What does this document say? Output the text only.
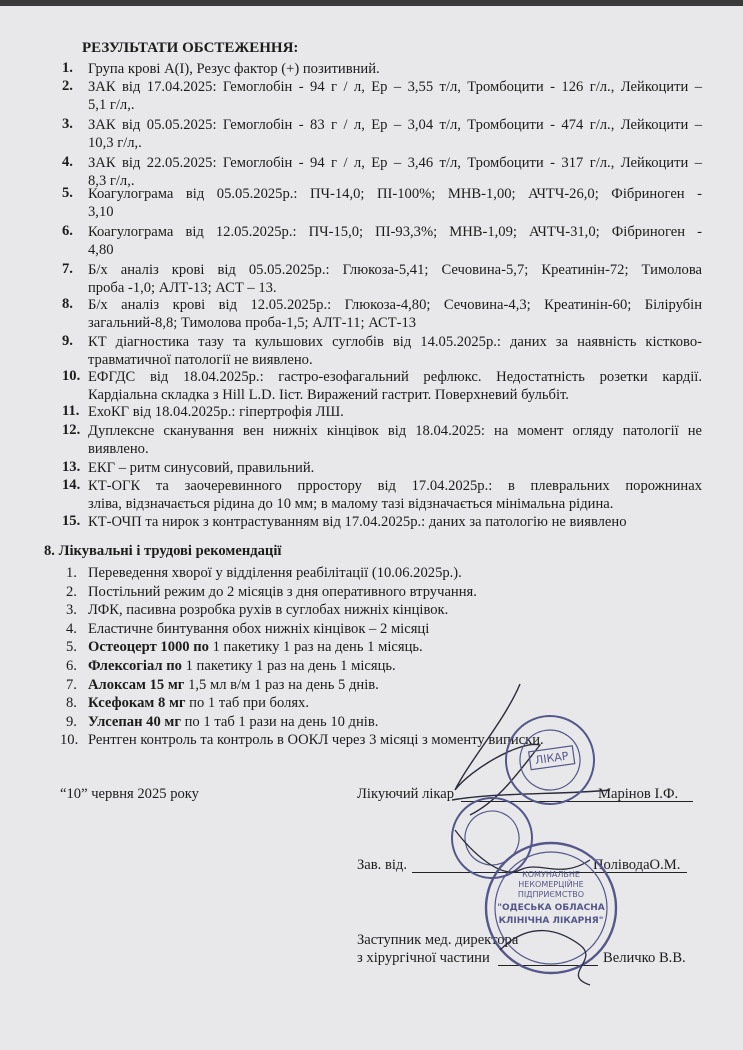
РЕЗУЛЬТАТИ ОБСТЕЖЕННЯ:
1. Група крові А(І), Резус фактор (+) позитивний.
2. ЗАК від 17.04.2025: Гемоглобін - 94 г / л, Ер – 3,55 т/л, Тромбоцити - 126 г/л., Лейкоцити –
5,1 г/л,.
3. ЗАК від 05.05.2025: Гемоглобін - 83 г / л, Ер – 3,04 т/л, Тромбоцити - 474 г/л., Лейкоцити –
10,3 г/л,.
4. ЗАК від 22.05.2025: Гемоглобін - 94 г / л, Ер – 3,46 т/л, Тромбоцити - 317 г/л., Лейкоцити –
8,3 г/л,.
5. Коагулограма від 05.05.2025р.: ПЧ-14,0; ПІ-100%; МНВ-1,00; АЧТЧ-26,0; Фібриноген -
3,10
6. Коагулограма від 12.05.2025р.: ПЧ-15,0; ПІ-93,3%; МНВ-1,09; АЧТЧ-31,0; Фібриноген -
4,80
7. Б/х аналіз крові від 05.05.2025р.: Глюкоза-5,41; Сечовина-5,7; Креатинін-72; Тимолова
проба -1,0; АЛТ-13; АСТ – 13.
8. Б/х аналіз крові від 12.05.2025р.: Глюкоза-4,80; Сечовина-4,3; Креатинін-60; Білірубін
загальний-8,8; Тимолова проба-1,5; АЛТ-11; АСТ-13
9. КТ діагностика тазу та кульшових суглобів від 14.05.2025р.: даних за наявність кістково-
травматичної патології не виявлено.
10. ЕФГДС від 18.04.2025р.: гастро-езофагальний рефлюкс. Недостатність розетки кардії.
Кардіальна складка з Hill L.D. Ііст. Виражений гастрит. Поверхневий бульбіт.
11. ЕхоКГ від 18.04.2025р.: гіпертрофія ЛШ.
12. Дуплексне сканування вен нижніх кінцівок від 18.04.2025: на момент огляду патології не
виявлено.
13. ЕКГ – ритм синусовий, правильний.
14. КТ-ОГК та заочеревинного прростору від 17.04.2025р.: в плевральних порожнинах
зліва, відзначається рідина до 10 мм; в малому тазі відзначається мінімальна рідина.
15. КТ-ОЧП та нирок з контрастуванням від 17.04.2025р.: даних за патологію не виявлено
8. Лікувальні і трудові рекомендації
1. Переведення хворої у відділення реабілітації (10.06.2025р.).
2. Постільний режим до 2 місяців з дня оперативного втручання.
3. ЛФК, пасивна розробка рухів в суглобах нижніх кінцівок.
4. Еластичне бинтування обох нижніх кінцівок – 2 місяці
5. Остеоцерт 1000 по 1 пакетику 1 раз на день 1 місяць.
6. Флексогіал по 1 пакетику 1 раз на день 1 місяць.
7. Алоксам 15 мг 1,5 мл в/м 1 раз на день 5 днів.
8. Ксефокам 8 мг по 1 таб при болях.
9. Улсепан 40 мг по 1 таб 1 рази на день 10 днів.
10. Рентген контроль та контроль в ООКЛ через 3 місяці з моменту виписки.
“10” червня 2025 року	Лікуючий лікар	Марінов І.Ф.
Зав. від.	ПоліводаО.М.
Заступник мед. директора
з хірургічної частини	Величко В.В.
ЛІКАР
КОМУНАЛЬНЕ
НЕКОМЕРЦІЙНЕ
ПІДПРИЄМСТВО
"ОДЕСЬКА ОБЛАСНА
КЛІНІЧНА ЛІКАРНЯ"
